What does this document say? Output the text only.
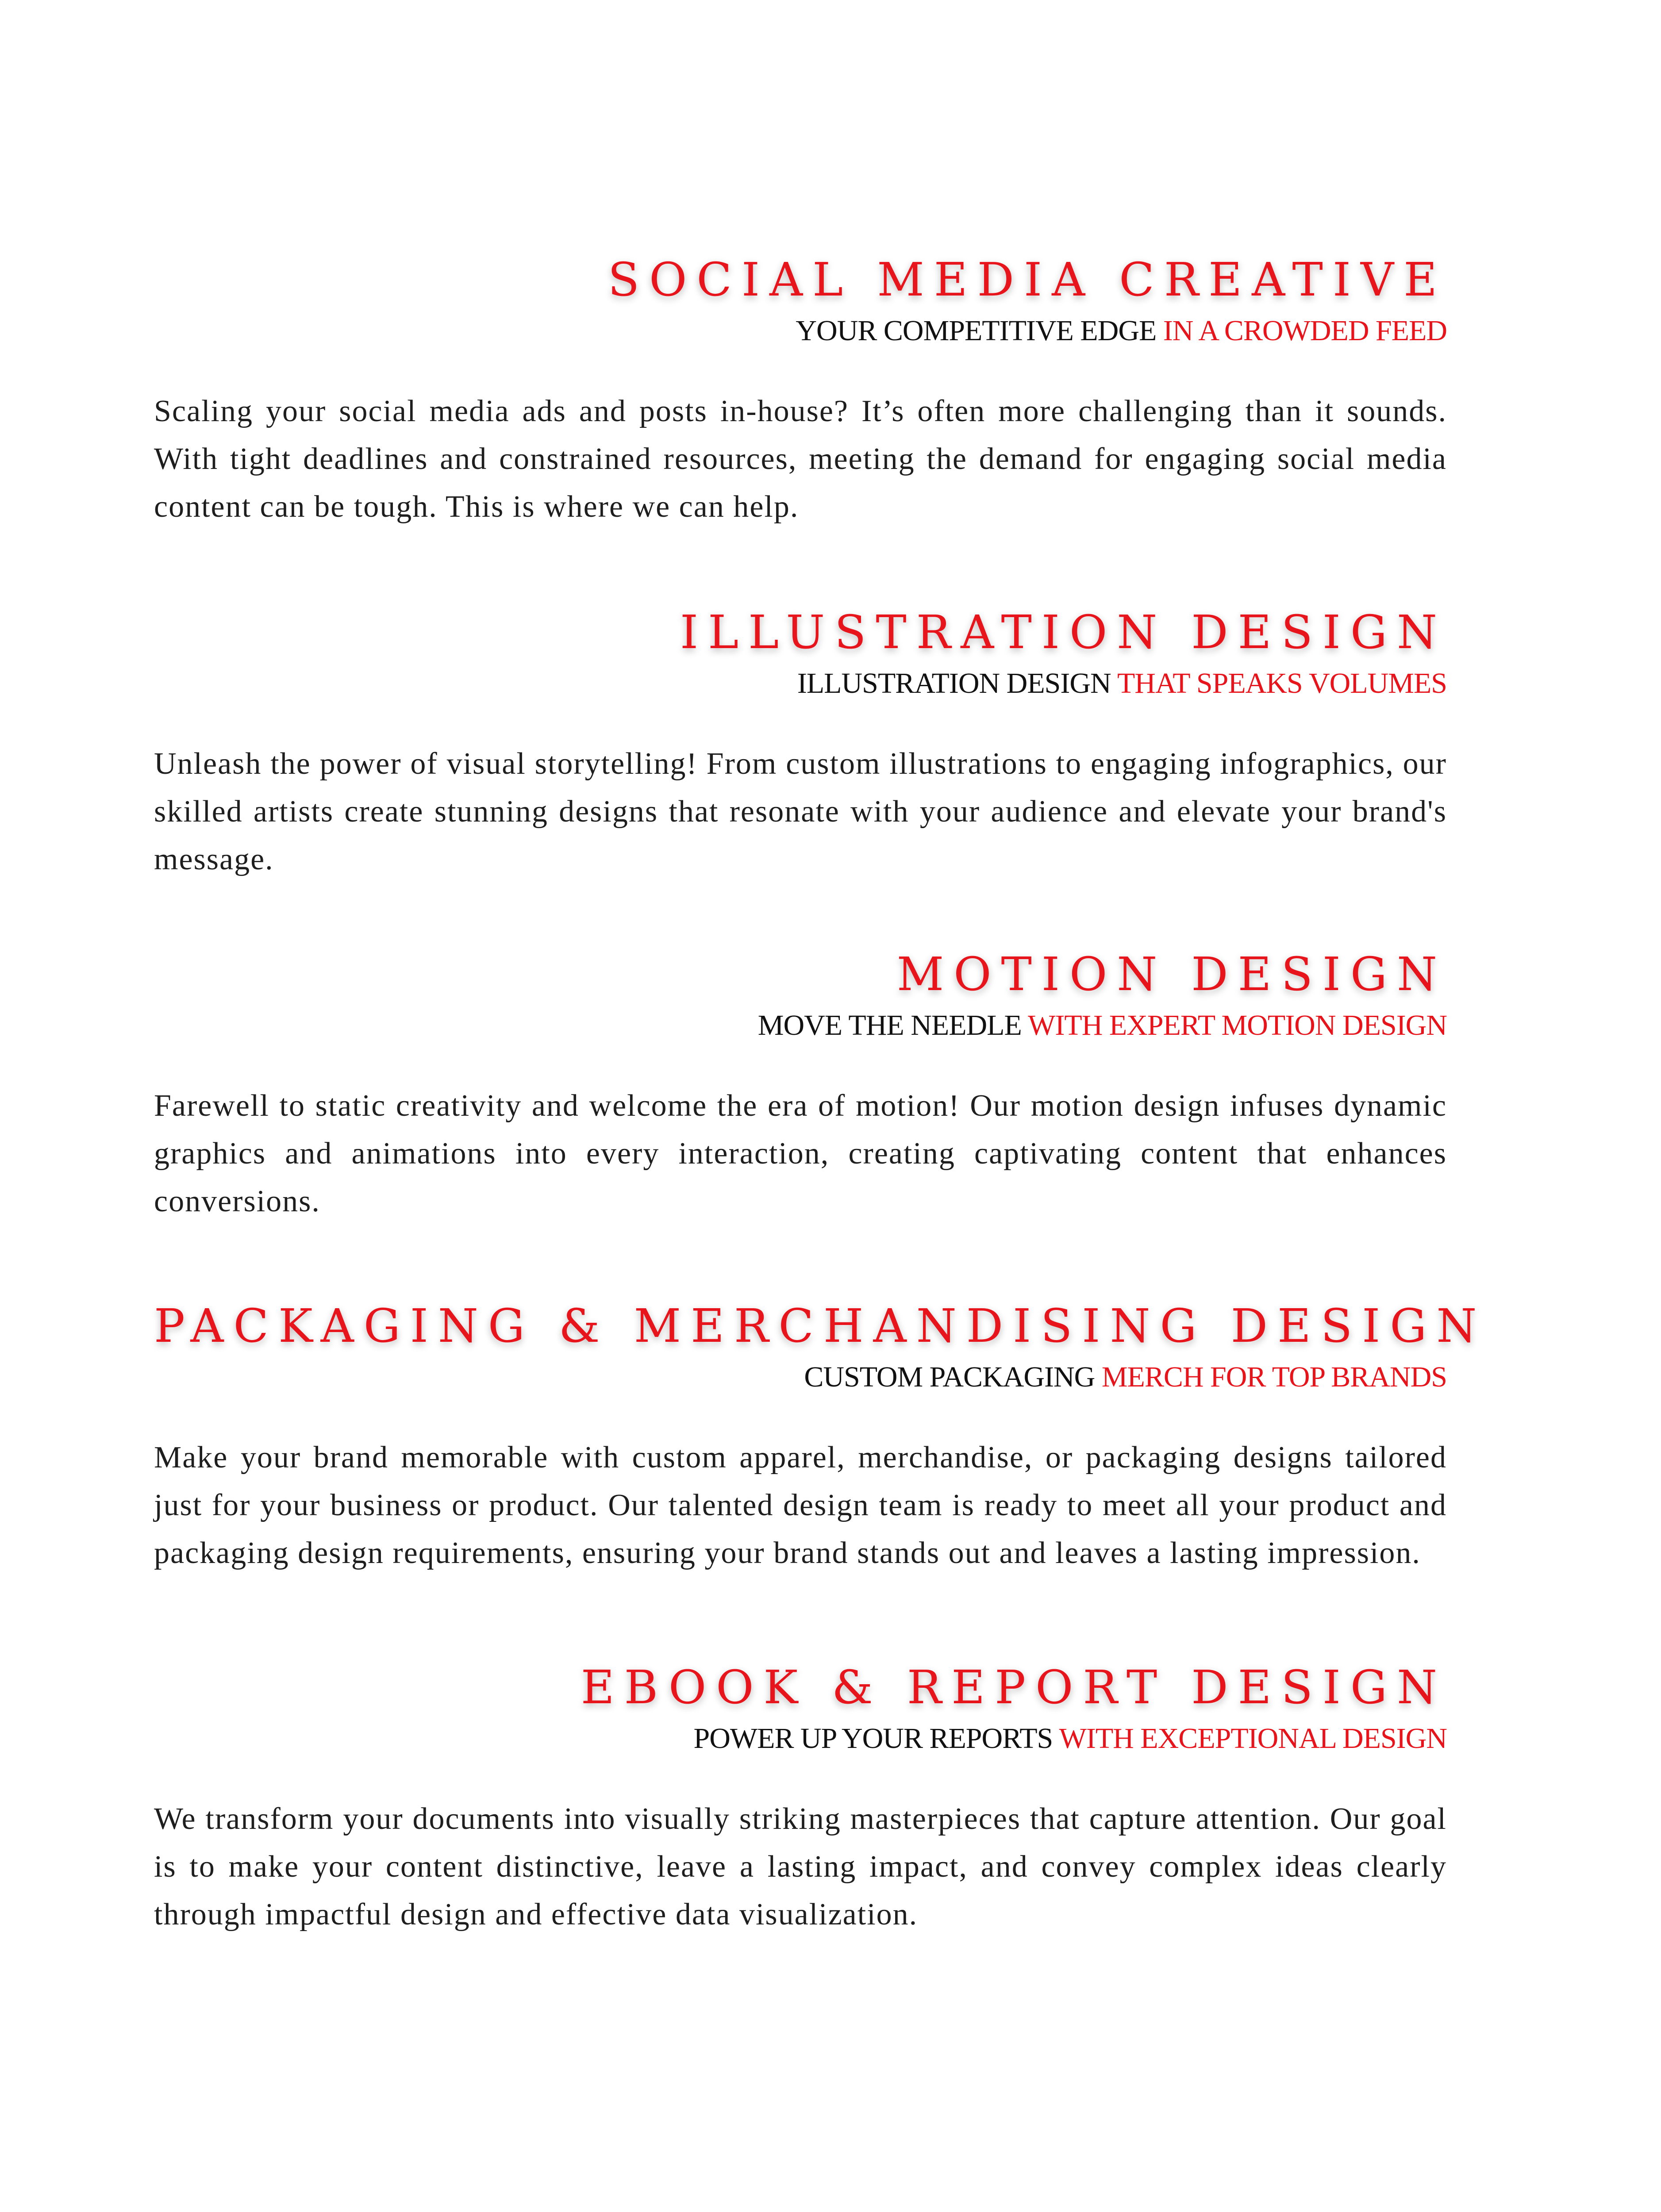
SOCIAL MEDIA CREATIVE
YOUR COMPETITIVE EDGE IN A CROWDED FEED

Scaling your social media ads and posts in-house? It’s often more challenging than it sounds. With tight deadlines and constrained resources, meeting the demand for engaging social media content can be tough. This is where we can help.

ILLUSTRATION DESIGN
ILLUSTRATION DESIGN THAT SPEAKS VOLUMES

Unleash the power of visual storytelling! From custom illustrations to engaging infographics, our skilled artists create stunning designs that resonate with your audience and elevate your brand's message.

MOTION DESIGN
MOVE THE NEEDLE WITH EXPERT MOTION DESIGN

Farewell to static creativity and welcome the era of motion! Our motion design infuses dynamic graphics and animations into every interaction, creating captivating content that enhances conversions.

PACKAGING & MERCHANDISING DESIGN
CUSTOM PACKAGING MERCH FOR TOP BRANDS

Make your brand memorable with custom apparel, merchandise, or packaging designs tailored just for your business or product. Our talented design team is ready to meet all your product and packaging design requirements, ensuring your brand stands out and leaves a lasting impression.

EBOOK & REPORT DESIGN
POWER UP YOUR REPORTS WITH EXCEPTIONAL DESIGN

We transform your documents into visually striking masterpieces that capture attention. Our goal is to make your content distinctive, leave a lasting impact, and convey complex ideas clearly through impactful design and effective data visualization.
